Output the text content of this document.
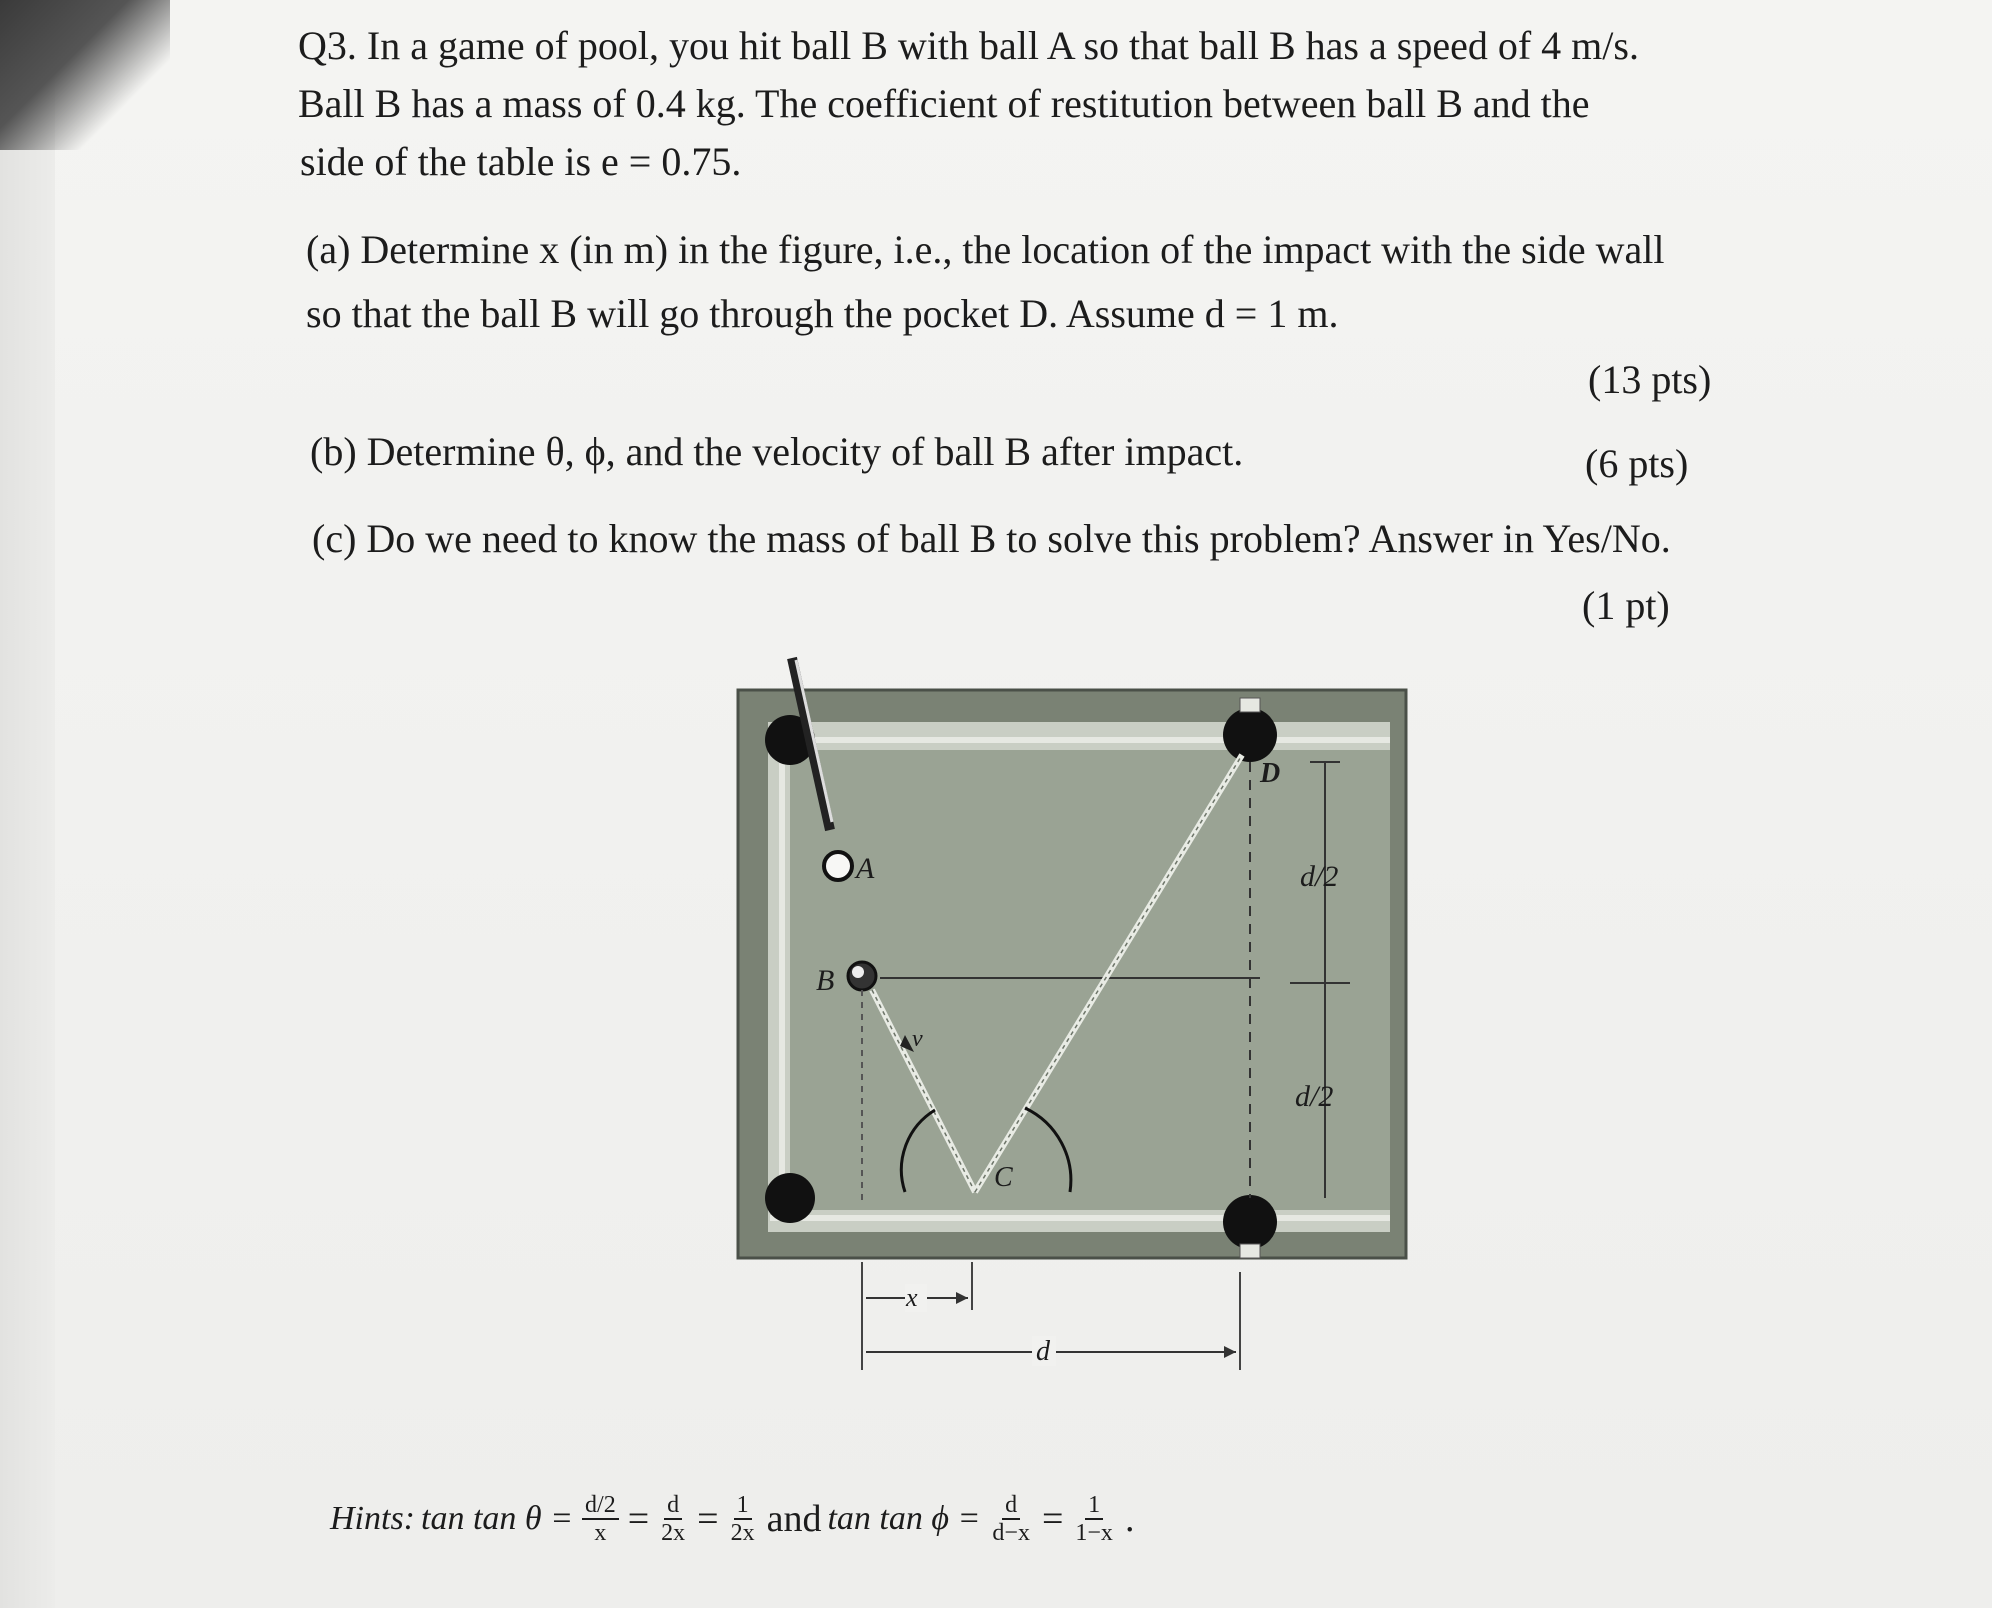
Q3. In a game of pool, you hit ball B with ball A so that ball B has a speed of 4 m/s.
Ball B has a mass of 0.4 kg. The coefficient of restitution between ball B and the
side of the table is e = 0.75.
(a) Determine x (in m) in the figure, i.e., the location of the impact with the side wall
so that the ball B will go through the pocket D. Assume d = 1 m.
(13 pts)
(b) Determine θ, ϕ, and the velocity of ball B after impact.	(6 pts)
(c) Do we need to know the mass of ball B to solve this problem? Answer in Yes/No.
(1 pt)
A
B
v
C
D
d/2
d/2
x
d
Hints: $\tan \tan \theta = \frac{d/2}{x} = \frac{d}{2x} = \frac{1}{2x}$ and $\tan \tan \phi = \frac{d}{d-x} = \frac{1}{1-x}$ .
